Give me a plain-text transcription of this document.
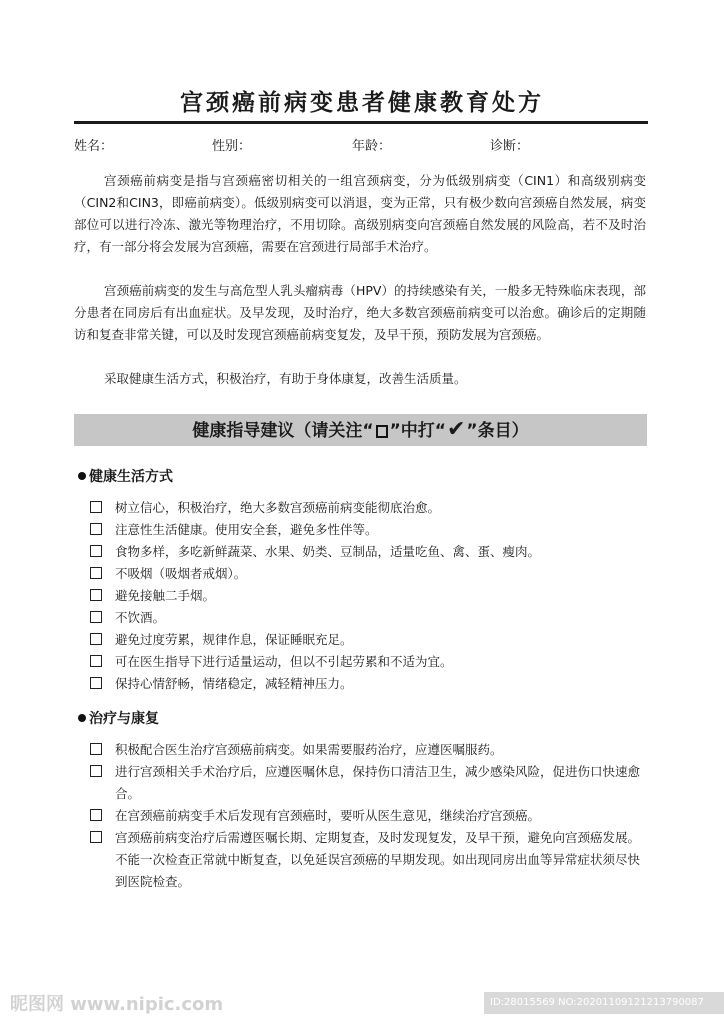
宫颈癌前病变患者健康教育处方
姓名：	性别：	年龄：	诊断：

宫颈癌前病变是指与宫颈癌密切相关的一组宫颈病变，分为低级别病变（CIN1）和高级别病变（CIN2和CIN3，即癌前病变）。低级别病变可以消退，变为正常，只有极少数向宫颈癌自然发展，病变部位可以进行冷冻、激光等物理治疗，不用切除。高级别病变向宫颈癌自然发展的风险高，若不及时治疗，有一部分将会发展为宫颈癌，需要在宫颈进行局部手术治疗。

宫颈癌前病变的发生与高危型人乳头瘤病毒（HPV）的持续感染有关，一般多无特殊临床表现，部分患者在同房后有出血症状。及早发现，及时治疗，绝大多数宫颈癌前病变可以治愈。确诊后的定期随访和复查非常关键，可以及时发现宫颈癌前病变复发，及早干预，预防发展为宫颈癌。

采取健康生活方式，积极治疗，有助于身体康复，改善生活质量。

健康指导建议（请关注“ ”中打“✔”条目）
健康生活方式
树立信心，积极治疗，绝大多数宫颈癌前病变能彻底治愈。
注意性生活健康。使用安全套，避免多性伴等。
食物多样，多吃新鲜蔬菜、水果、奶类、豆制品，适量吃鱼、禽、蛋、瘦肉。
不吸烟（吸烟者戒烟）。
避免接触二手烟。
不饮酒。
避免过度劳累，规律作息，保证睡眠充足。
可在医生指导下进行适量运动，但以不引起劳累和不适为宜。
保持心情舒畅，情绪稳定，减轻精神压力。
治疗与康复
积极配合医生治疗宫颈癌前病变。如果需要服药治疗，应遵医嘱服药。
进行宫颈相关手术治疗后，应遵医嘱休息，保持伤口清洁卫生，减少感染风险，促进伤口快速愈合。
在宫颈癌前病变手术后发现有宫颈癌时，要听从医生意见，继续治疗宫颈癌。
宫颈癌前病变治疗后需遵医嘱长期、定期复查，及时发现复发，及早干预，避免向宫颈癌发展。不能一次检查正常就中断复查，以免延误宫颈癌的早期发现。如出现同房出血等异常症状须尽快到医院检查。
昵图网 www.nipic.com	ID:28015569 NO:20201109121213790087
